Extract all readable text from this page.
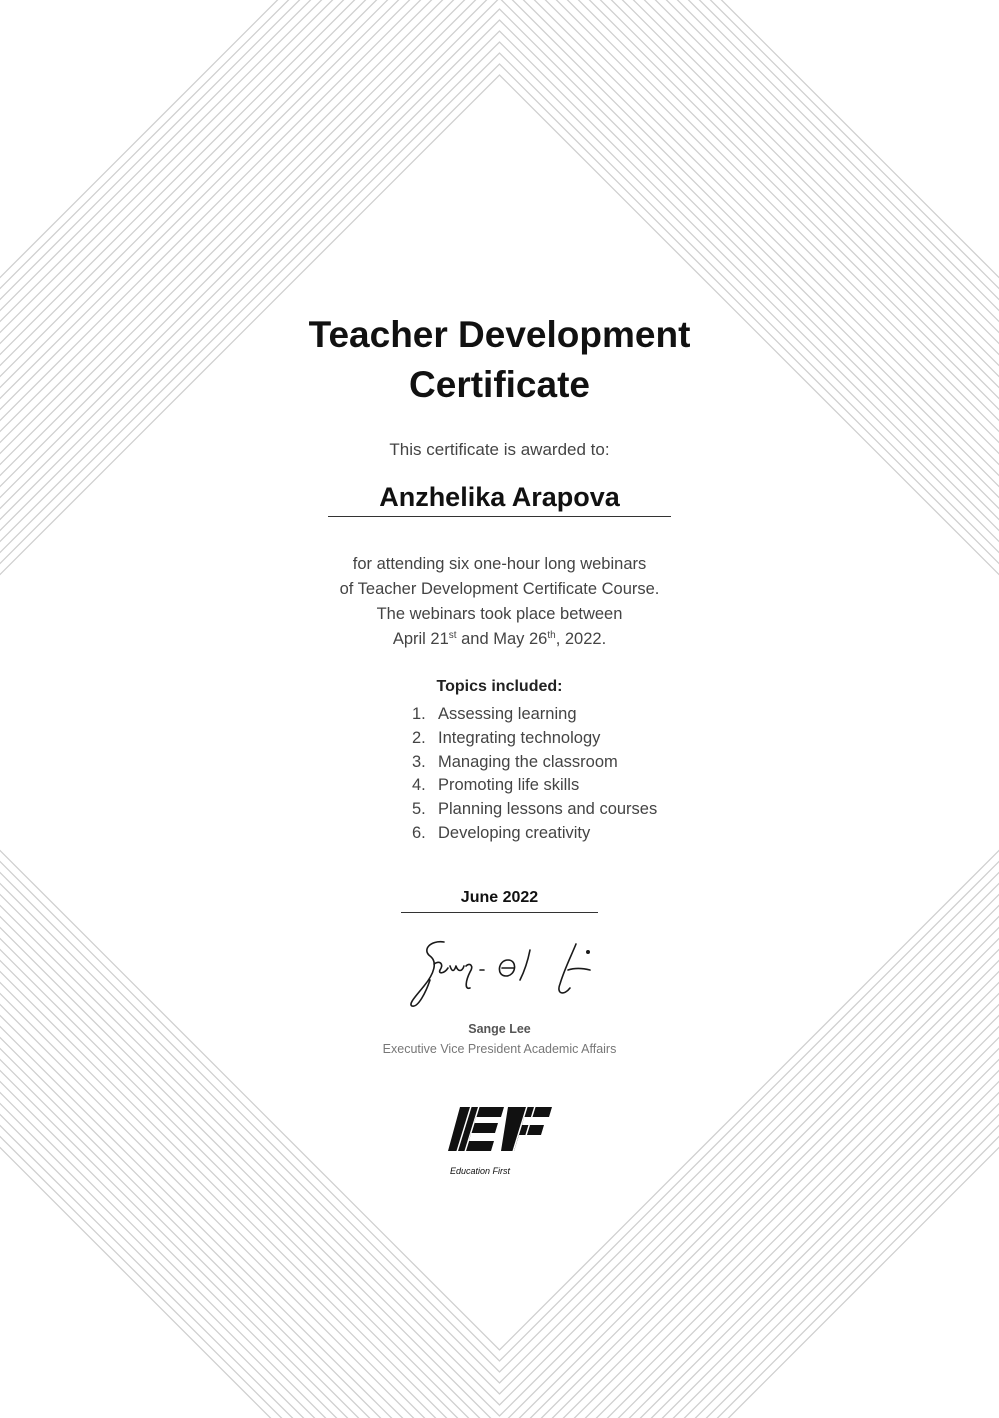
Teacher Development
Certificate
This certificate is awarded to:
Anzhelika Arapova
for attending six one-hour long webinars
of Teacher Development Certificate Course.
The webinars took place between
April 21st and May 26th, 2022.
Topics included:
1. Assessing learning
2. Integrating technology
3. Managing the classroom
4. Promoting life skills
5. Planning lessons and courses
6. Developing creativity
June 2022
Sange Lee
Executive Vice President Academic Affairs
Education First
